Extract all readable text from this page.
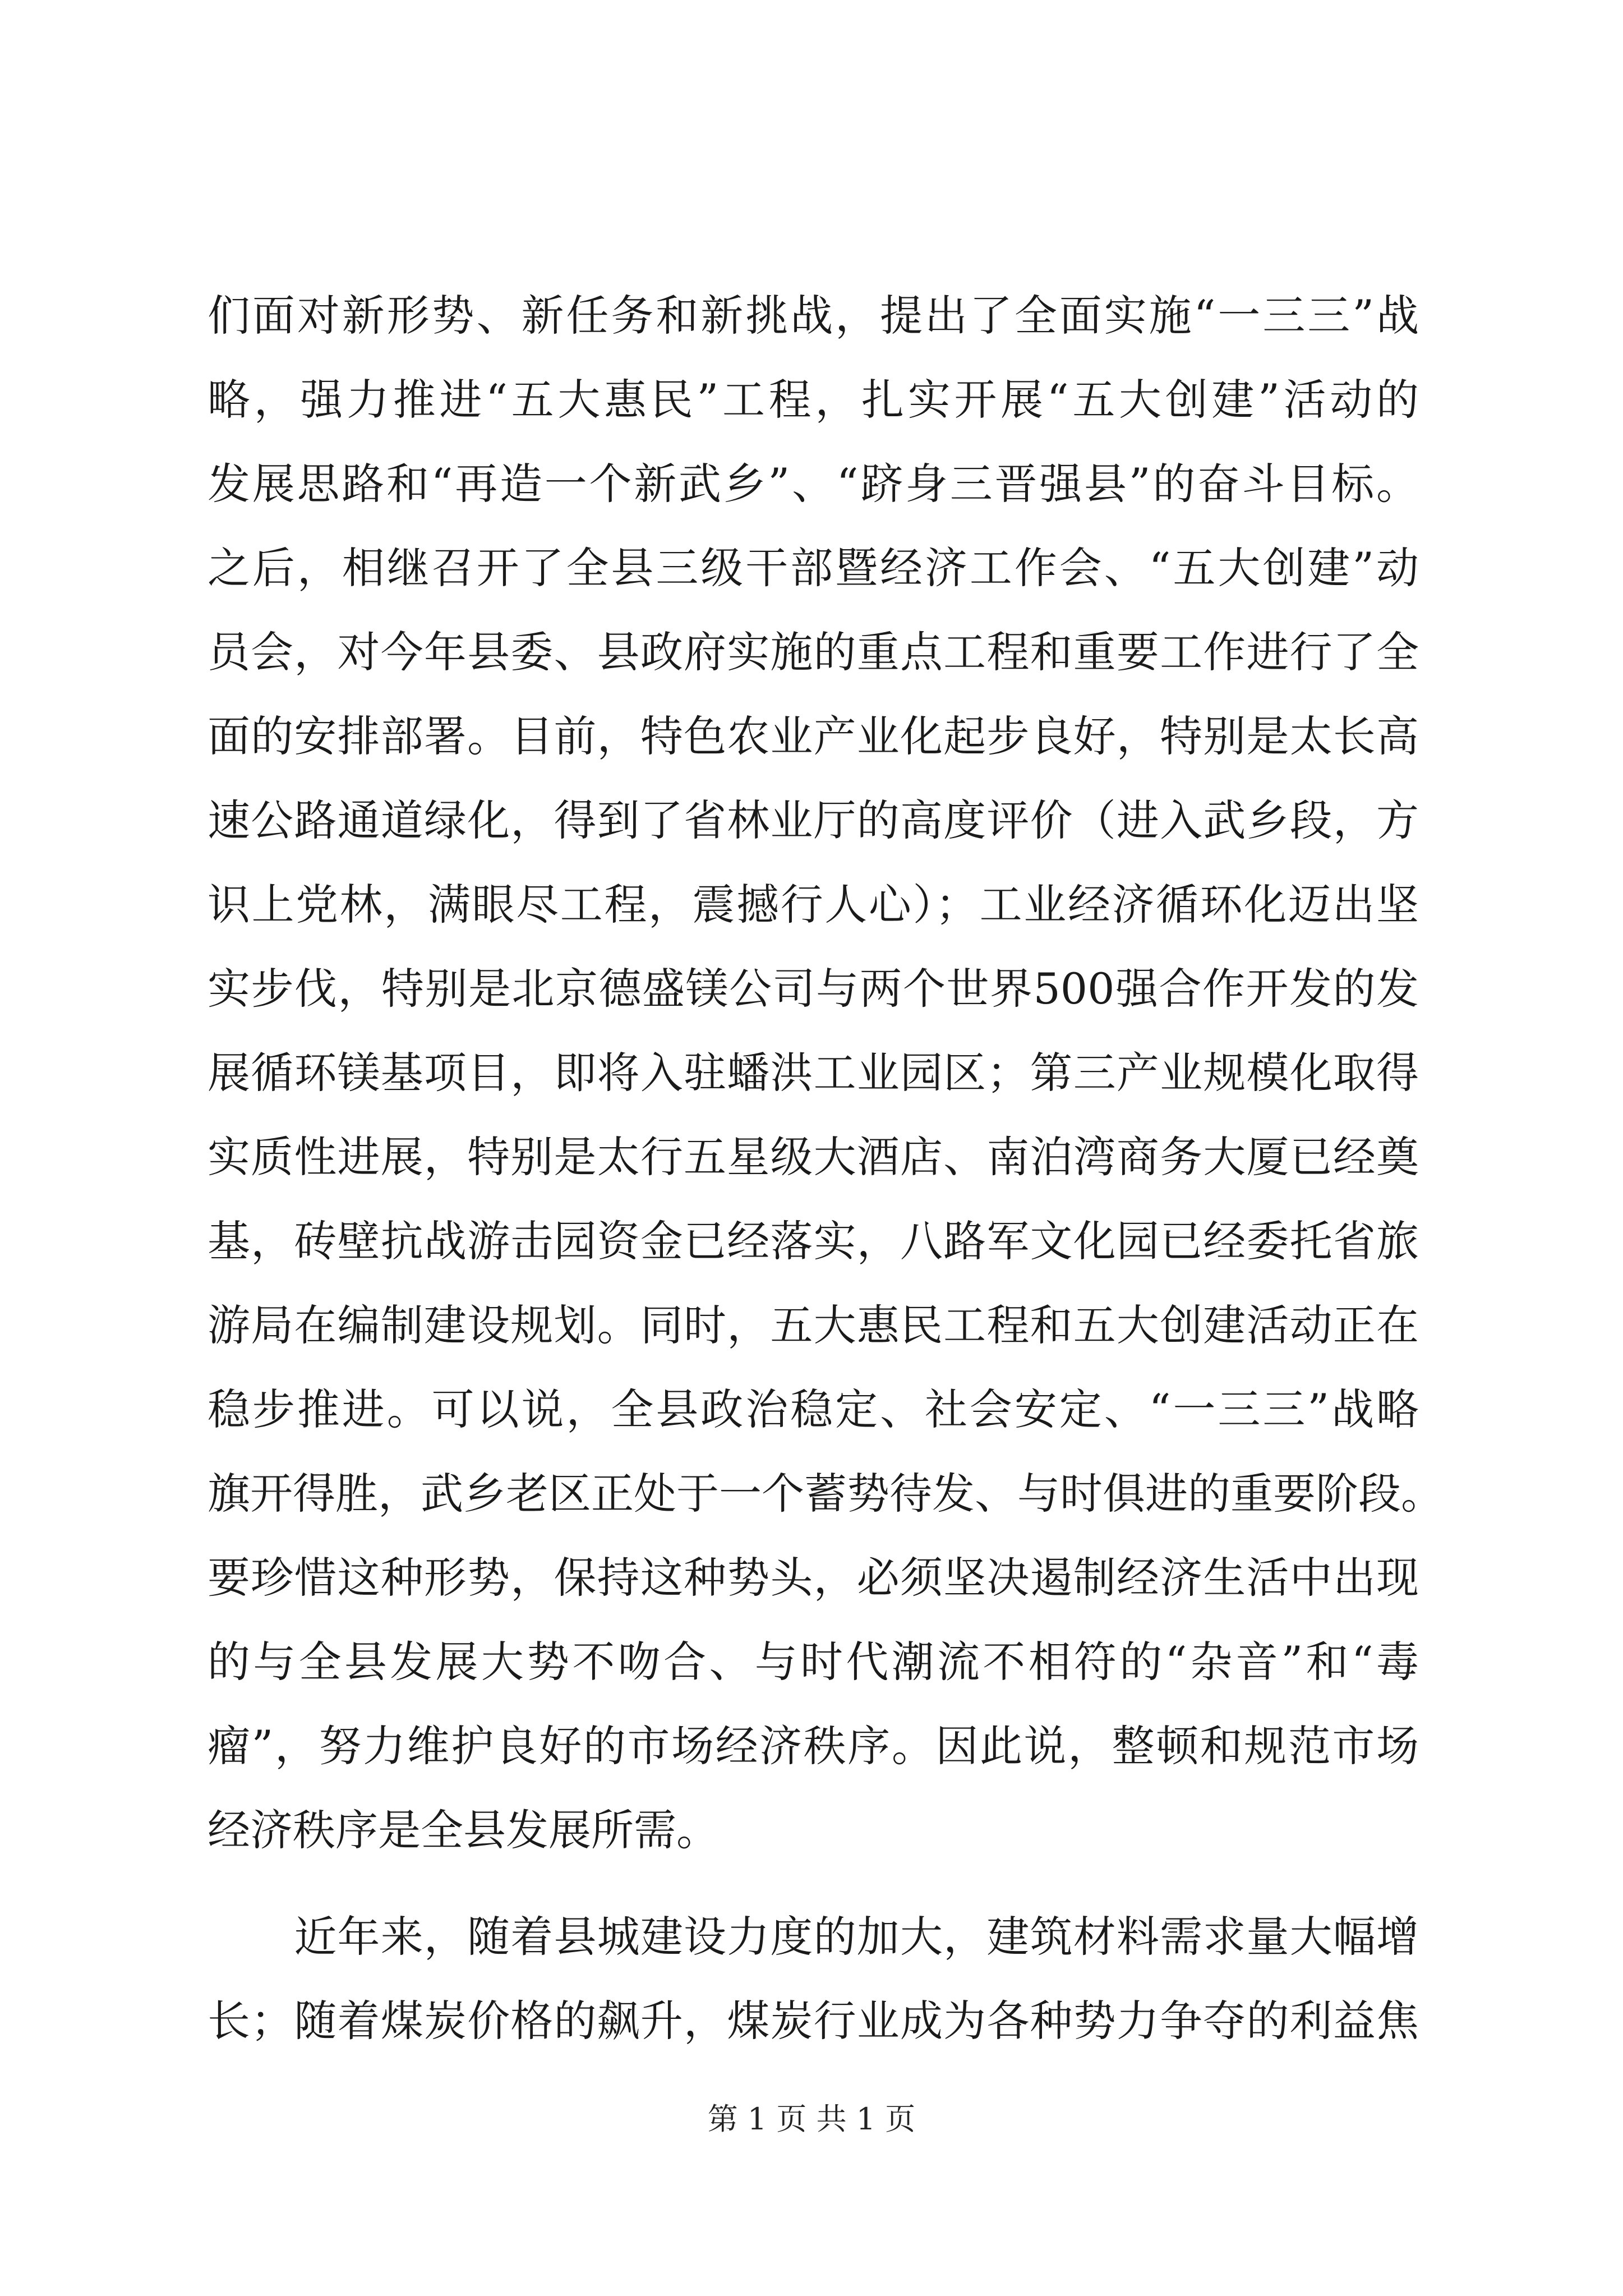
们面对新形势、新任务和新挑战，提出了全面实施“一三三”战
略，强力推进“五大惠民”工程，扎实开展“五大创建”活动的
发展思路和“再造一个新武乡”、“跻身三晋强县”的奋斗目标。
之后，相继召开了全县三级干部暨经济工作会、“五大创建”动
员会，对今年县委、县政府实施的重点工程和重要工作进行了全
面的安排部署。目前，特色农业产业化起步良好，特别是太长高
速公路通道绿化，得到了省林业厅的高度评价（进入武乡段，方
识上党林，满眼尽工程，震撼行人心）；工业经济循环化迈出坚
实步伐，特别是北京德盛镁公司与两个世界500强合作开发的发
展循环镁基项目，即将入驻蟠洪工业园区；第三产业规模化取得
实质性进展，特别是太行五星级大酒店、南泊湾商务大厦已经奠
基，砖壁抗战游击园资金已经落实，八路军文化园已经委托省旅
游局在编制建设规划。同时，五大惠民工程和五大创建活动正在
稳步推进。可以说，全县政治稳定、社会安定、“一三三”战略
旗开得胜，武乡老区正处于一个蓄势待发、与时俱进的重要阶段。
要珍惜这种形势，保持这种势头，必须坚决遏制经济生活中出现
的与全县发展大势不吻合、与时代潮流不相符的“杂音”和“毒
瘤”，努力维护良好的市场经济秩序。因此说，整顿和规范市场
经济秩序是全县发展所需。
　　近年来，随着县城建设力度的加大，建筑材料需求量大幅增
长；随着煤炭价格的飙升，煤炭行业成为各种势力争夺的利益焦
第 1 页 共 1 页
